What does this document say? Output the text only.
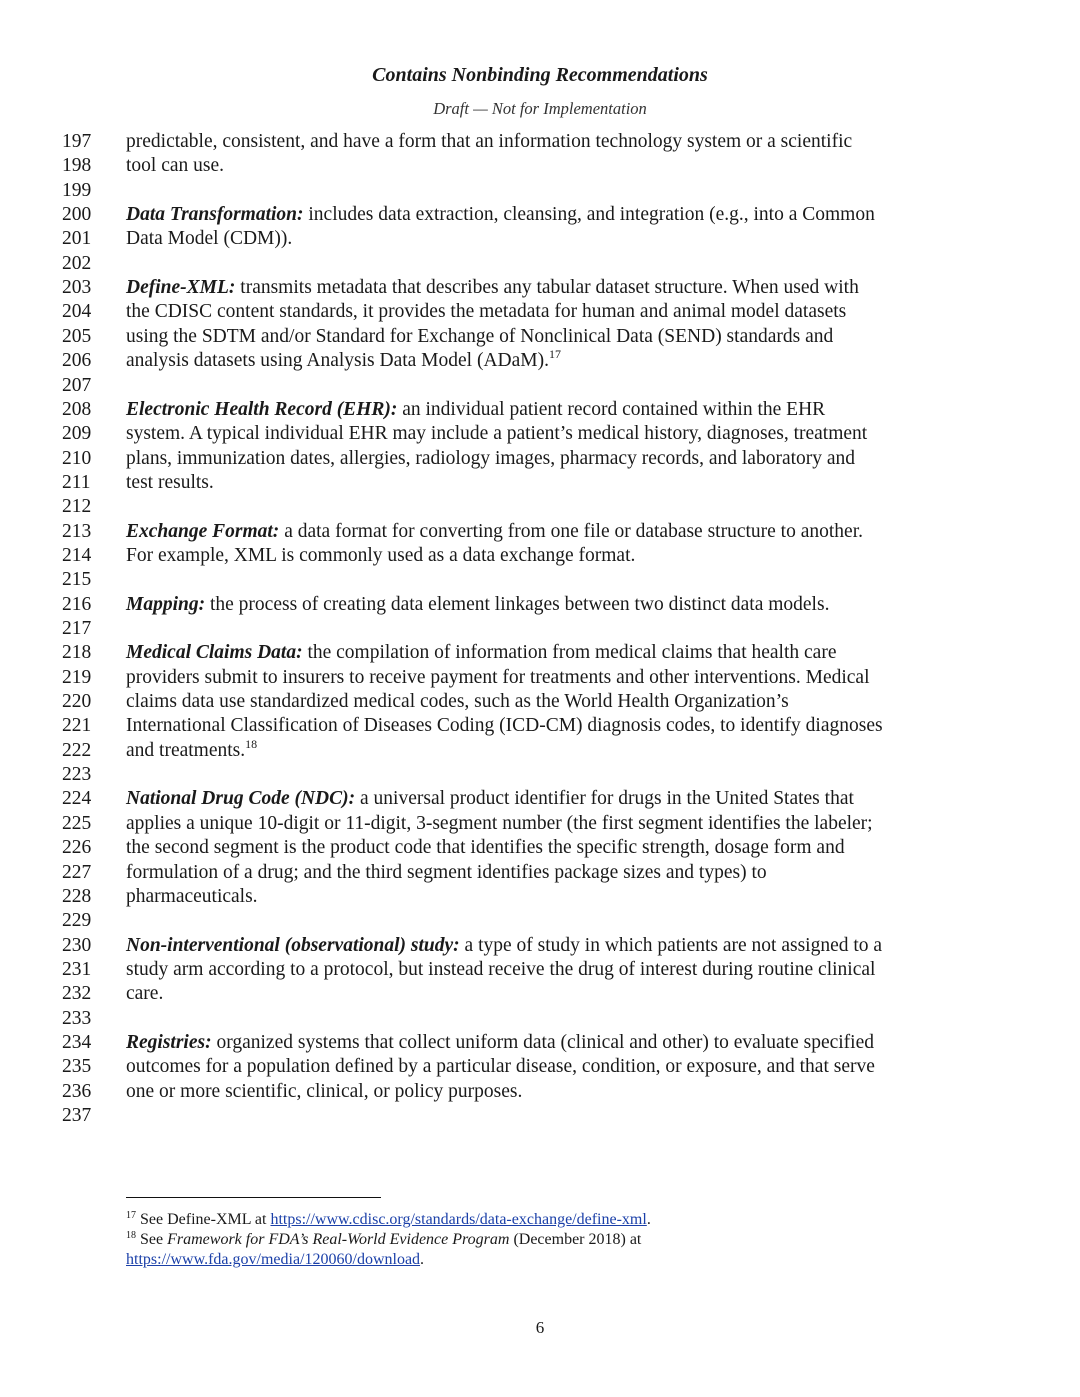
Contains Nonbinding Recommendations
Draft — Not for Implementation
197	predictable, consistent, and have a form that an information technology system or a scientific
198	tool can use.
199
200	Data Transformation: includes data extraction, cleansing, and integration (e.g., into a Common
201	Data Model (CDM)).
202
203	Define-XML: transmits metadata that describes any tabular dataset structure. When used with
204	the CDISC content standards, it provides the metadata for human and animal model datasets
205	using the SDTM and/or Standard for Exchange of Nonclinical Data (SEND) standards and
206	analysis datasets using Analysis Data Model (ADaM).$^{17}$
207
208	Electronic Health Record (EHR): an individual patient record contained within the EHR
209	system. A typical individual EHR may include a patient’s medical history, diagnoses, treatment
210	plans, immunization dates, allergies, radiology images, pharmacy records, and laboratory and
211	test results.
212
213	Exchange Format: a data format for converting from one file or database structure to another.
214	For example, XML is commonly used as a data exchange format.
215
216	Mapping: the process of creating data element linkages between two distinct data models.
217
218	Medical Claims Data: the compilation of information from medical claims that health care
219	providers submit to insurers to receive payment for treatments and other interventions. Medical
220	claims data use standardized medical codes, such as the World Health Organization’s
221	International Classification of Diseases Coding (ICD-CM) diagnosis codes, to identify diagnoses
222	and treatments.$^{18}$
223
224	National Drug Code (NDC): a universal product identifier for drugs in the United States that
225	applies a unique 10-digit or 11-digit, 3-segment number (the first segment identifies the labeler;
226	the second segment is the product code that identifies the specific strength, dosage form and
227	formulation of a drug; and the third segment identifies package sizes and types) to
228	pharmaceuticals.
229
230	Non-interventional (observational) study: a type of study in which patients are not assigned to a
231	study arm according to a protocol, but instead receive the drug of interest during routine clinical
232	care.
233
234	Registries: organized systems that collect uniform data (clinical and other) to evaluate specified
235	outcomes for a population defined by a particular disease, condition, or exposure, and that serve
236	one or more scientific, clinical, or policy purposes.
237
$^{17}$ See Define-XML at https://www.cdisc.org/standards/data-exchange/define-xml.
$^{18}$ See Framework for FDA’s Real-World Evidence Program (December 2018) at
https://www.fda.gov/media/120060/download.
6
